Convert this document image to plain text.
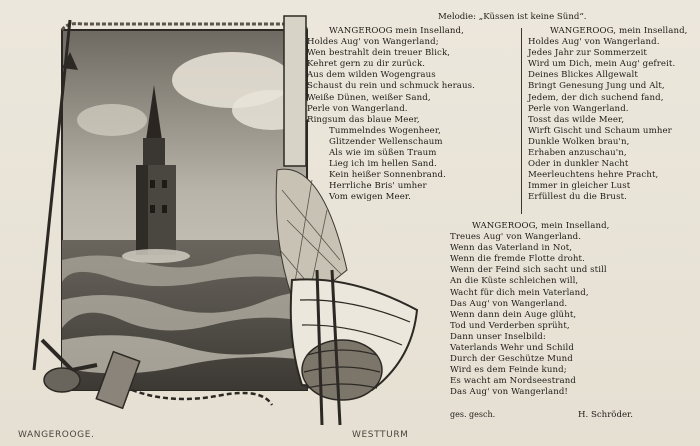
Melodie: „Küssen ist keine Sünd“.
WANGEROOG mein Inselland,
Holdes Aug' von Wangerland;
Wen bestrahlt dein treuer Blick,
Kehret gern zu dir zurück.
Aus dem wilden Wogengraus
Schaust du rein und schmuck heraus.
Weiße Dünen, weißer Sand,
Perle von Wangerland.
Ringsum das blaue Meer,
Tummelndes Wogenheer,
Glitzender Wellenschaum
Als wie im süßen Traum
Lieg ich im hellen Sand.
Kein heißer Sonnenbrand.
Herrliche Bris' umher
Vom ewigen Meer.
WANGEROOG, mein Inselland,
Holdes Aug' von Wangerland.
Jedes Jahr zur Sommerzeit
Wird um Dich, mein Aug' gefreit.
Deines Blickes Allgewalt
Bringt Genesung Jung und Alt,
Jedem, der dich suchend fand,
Perle von Wangerland.
Tosst das wilde Meer,
Wirft Gischt und Schaum umher
Dunkle Wolken brau'n,
Erhaben anzuschau'n,
Oder in dunkler Nacht
Meerleuchtens hehre Pracht,
Immer in gleicher Lust
Erfüllest du die Brust.
WANGEROOG, mein Inselland,
Treues Aug' von Wangerland.
Wenn das Vaterland in Not,
Wenn die fremde Flotte droht.
Wenn der Feind sich sacht und still
An die Küste schleichen will,
Wacht für dich mein Vaterland,
Das Aug' von Wangerland.
Wenn dann dein Auge glüht,
Tod und Verderben sprüht,
Dann unser Inselbild:
Vaterlands Wehr und Schild
Durch der Geschütze Mund
Wird es dem Feinde kund;
Es wacht am Nordseestrand
Das Aug' von Wangerland!
ges. gesch.	H. Schröder.
WANGEROOGE.	WESTTURM
